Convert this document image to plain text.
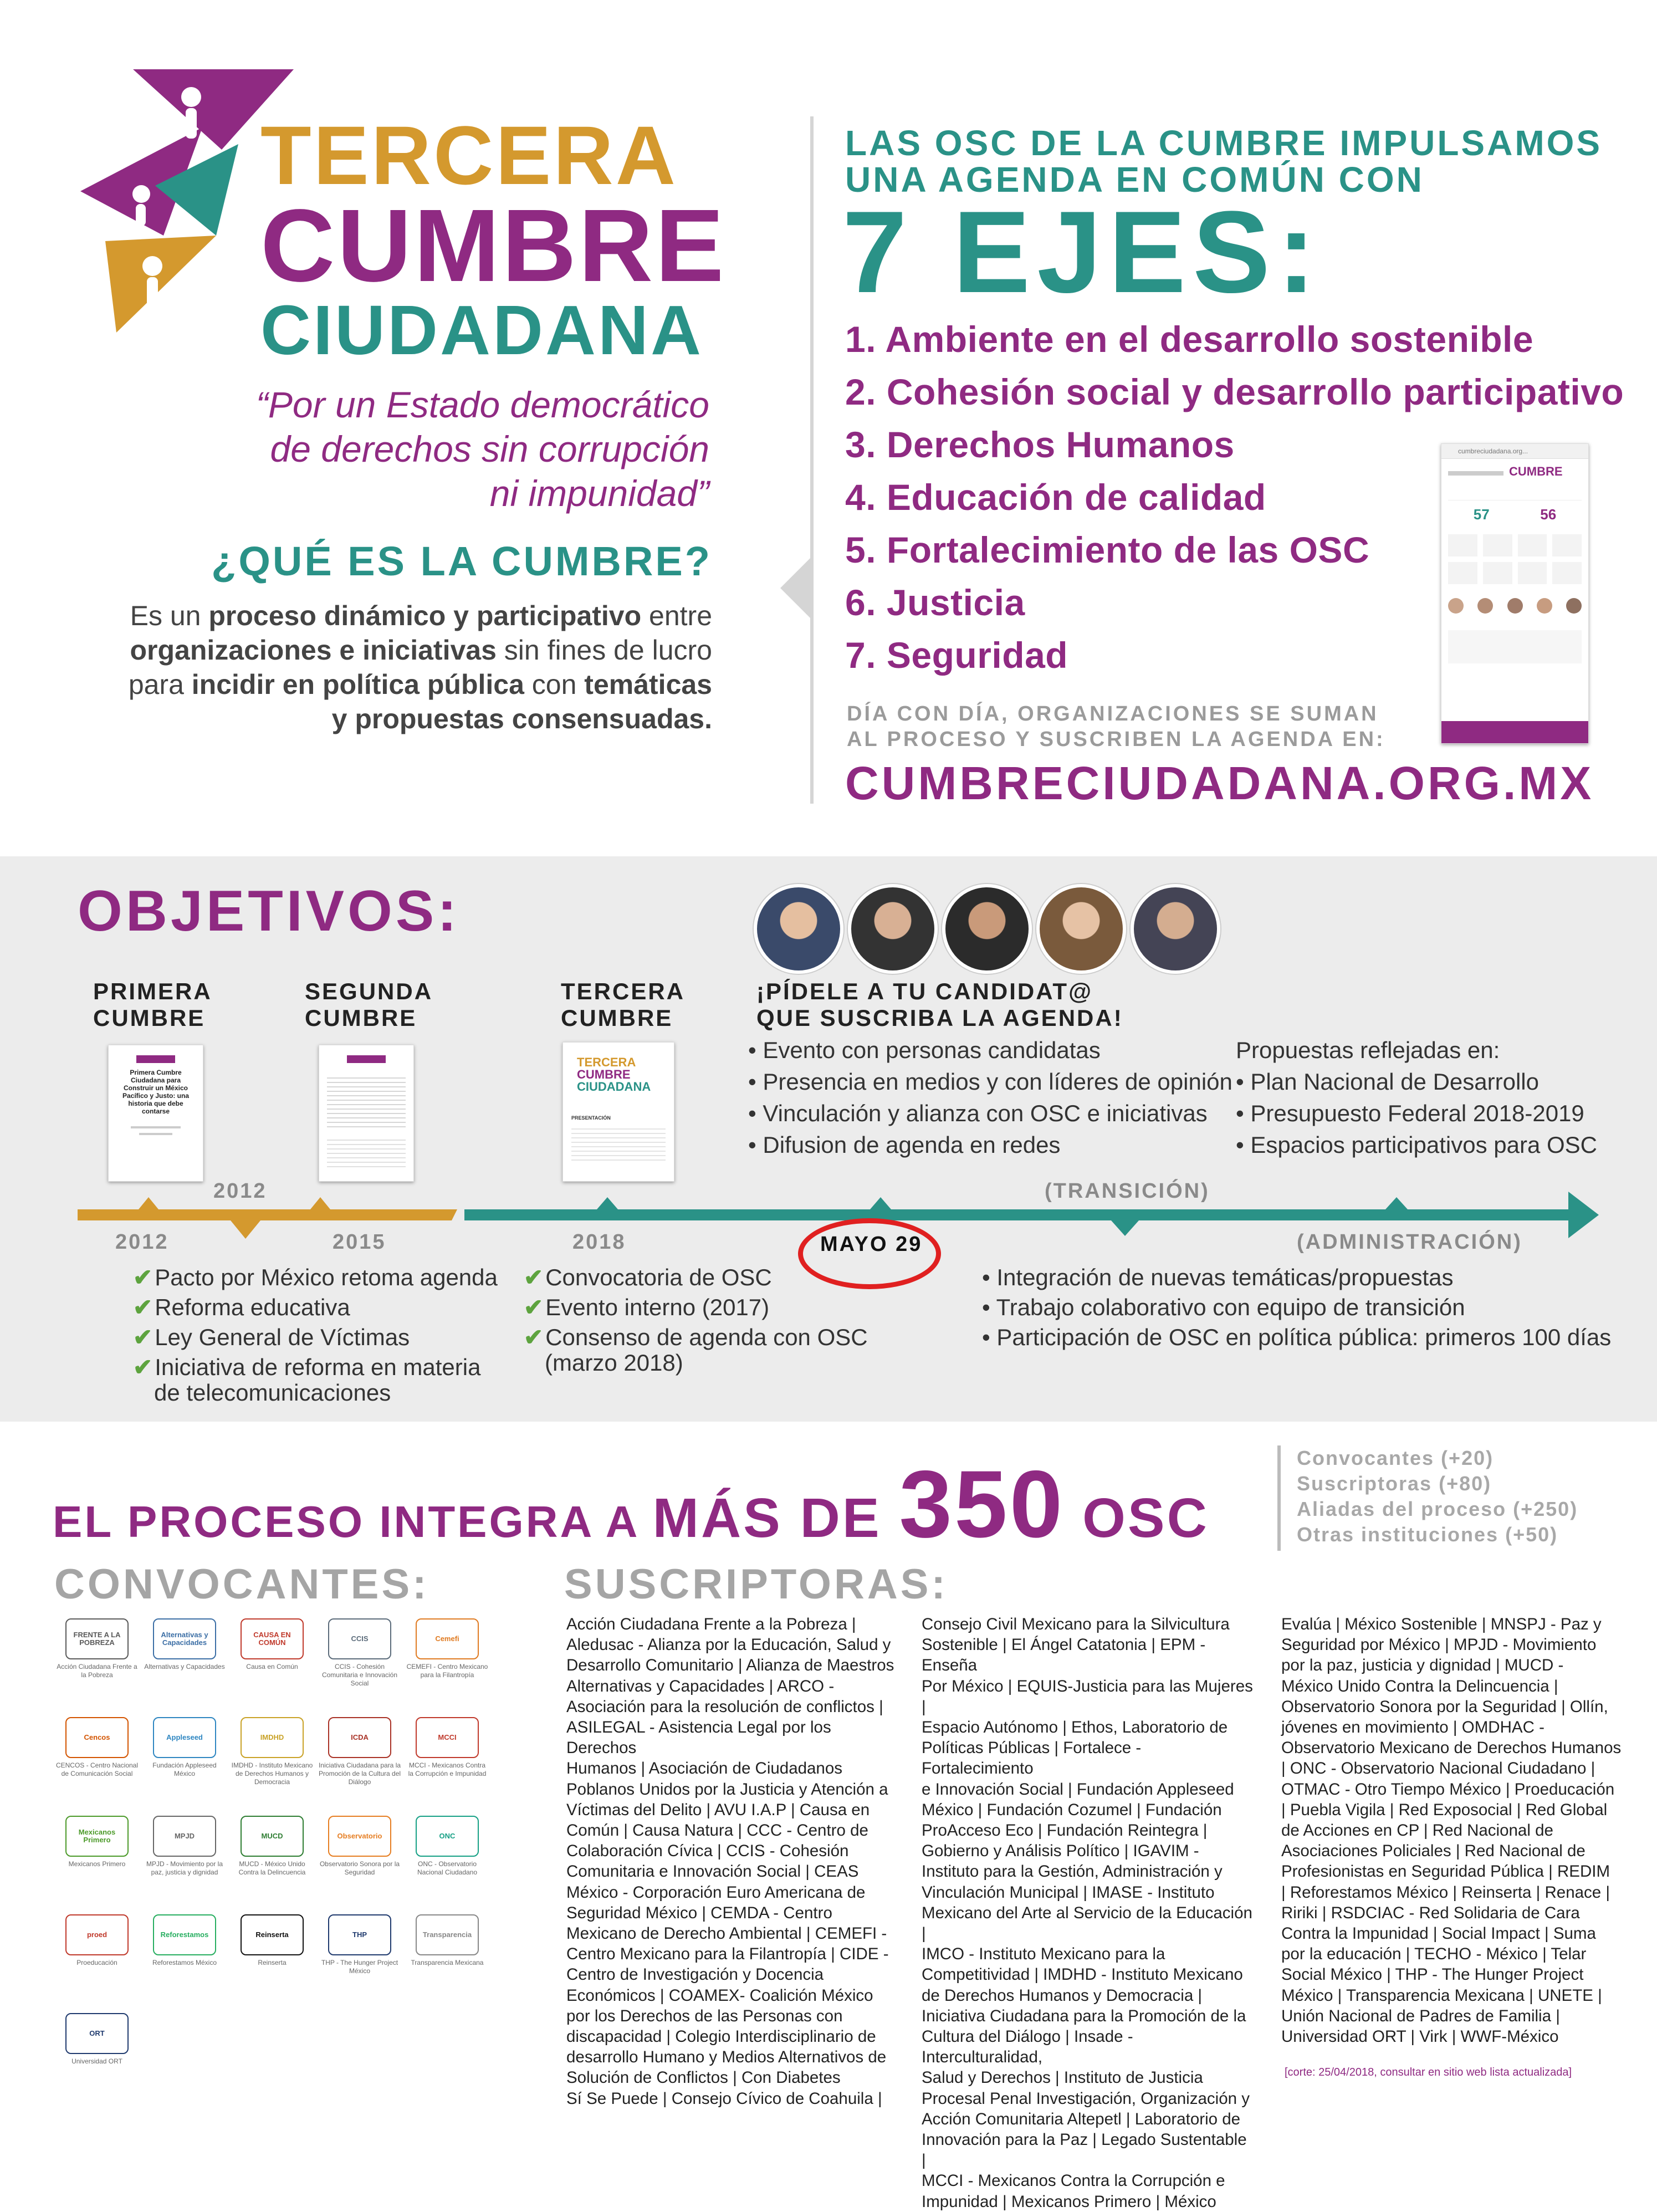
TERCERA
CUMBRE
CIUDADANA
“Por un Estado democrático
de derechos sin corrupción
ni impunidad”
¿QUÉ ES LA CUMBRE?
Es un proceso dinámico y participativo entre
organizaciones e iniciativas sin fines de lucro
para incidir en política pública con temáticas
y propuestas consensuadas.
LAS OSC DE LA CUMBRE IMPULSAMOS
UNA AGENDA EN COMÚN CON
7 EJES:
1. Ambiente en el desarrollo sostenible
2. Cohesión social y desarrollo participativo
3. Derechos Humanos
4. Educación de calidad
5. Fortalecimiento de las OSC
6. Justicia
7. Seguridad
cumbreciudadana.org...
CUMBRE
57	56
DÍA CON DÍA, ORGANIZACIONES SE SUMAN
AL PROCESO Y SUSCRIBEN LA AGENDA EN:
CUMBRECIUDADANA.ORG.MX
OBJETIVOS:
PRIMERA
CUMBRE
SEGUNDA
CUMBRE
TERCERA
CUMBRE
¡PÍDELE A TU CANDIDAT@
QUE SUSCRIBA LA AGENDA!
Primera Cumbre Ciudadana para Construir un México Pacífico y Justo: una historia que debe contarse
TERCERA
CUMBRE
CIUDADANA
PRESENTACIÓN
• Evento con personas candidatas
• Presencia en medios y con líderes de opinión
• Vinculación y alianza con OSC e iniciativas
• Difusion de agenda en redes
Propuestas reflejadas en:
• Plan Nacional de Desarrollo
• Presupuesto Federal 2018-2019
• Espacios participativos para OSC
2012	(TRANSICIÓN)
2012	2015	2018	(ADMINISTRACIÓN)
MAYO 29
✔Pacto por México retoma agenda
✔Reforma educativa
✔Ley General de Víctimas
✔Iniciativa de reforma en materia
de telecomunicaciones
✔Convocatoria de OSC
✔Evento interno (2017)
✔Consenso de agenda con OSC
(marzo 2018)
• Integración de nuevas temáticas/propuestas
• Trabajo colaborativo con equipo de transición
• Participación de OSC en política pública: primeros 100 días
EL PROCESO INTEGRA A MÁS DE 350 OSC
Convocantes (+20)
Suscriptoras (+80)
Aliadas del proceso (+250)
Otras instituciones (+50)
CONVOCANTES:
FRENTE A LA POBREZA
Acción Ciudadana Frente a la Pobreza
Alternativas y Capacidades
Alternativas y Capacidades
CAUSA EN COMÚN
Causa en Común
CCIS
CCIS - Cohesión Comunitaria e Innovación Social
Cemefi
CEMEFI - Centro Mexicano para la Filantropía
Cencos
CENCOS - Centro Nacional de Comunicación Social
Appleseed
Fundación Appleseed México
IMDHD
IMDHD - Instituto Mexicano de Derechos Humanos y Democracia
ICDA
Iniciativa Ciudadana para la Promoción de la Cultura del Diálogo
MCCI
MCCI - Mexicanos Contra la Corrupción e Impunidad
Mexicanos Primero
Mexicanos Primero
MPJD
MPJD - Movimiento por la paz, justicia y dignidad
MUCD
MUCD - México Unido Contra la Delincuencia
Observatorio
Observatorio Sonora por la Seguridad
ONC
ONC - Observatorio Nacional Ciudadano
proed
Proeducación
Reforestamos
Reforestamos México
Reinserta
Reinserta
THP
THP - The Hunger Project México
Transparencia
Transparencia Mexicana
ORT
Universidad ORT
SUSCRIPTORAS:
Acción Ciudadana Frente a la Pobreza |
Aledusac - Alianza por la Educación, Salud y
Desarrollo Comunitario | Alianza de Maestros
Alternativas y Capacidades | ARCO -
Asociación para la resolución de conflictos |
ASILEGAL - Asistencia Legal por los Derechos
Humanos | Asociación de Ciudadanos
Poblanos Unidos por la Justicia y Atención a
Víctimas del Delito | AVU I.A.P | Causa en
Común | Causa Natura | CCC - Centro de
Colaboración Cívica | CCIS - Cohesión
Comunitaria e Innovación Social | CEAS
México - Corporación Euro Americana de
Seguridad México | CEMDA - Centro
Mexicano de Derecho Ambiental | CEMEFI -
Centro Mexicano para la Filantropía | CIDE -
Centro de Investigación y Docencia
Económicos | COAMEX- Coalición México
por los Derechos de las Personas con
discapacidad | Colegio Interdisciplinario de
desarrollo Humano y Medios Alternativos de
Solución de Conflictos | Con Diabetes
Sí Se Puede | Consejo Cívico de Coahuila |
Consejo Civil Mexicano para la Silvicultura
Sostenible | El Ángel Catatonia | EPM - Enseña
Por México | EQUIS-Justicia para las Mujeres |
Espacio Autónomo | Ethos, Laboratorio de
Políticas Públicas | Fortalece - Fortalecimiento
e Innovación Social | Fundación Appleseed
México | Fundación Cozumel | Fundación
ProAcceso Eco | Fundación Reintegra |
Gobierno y Análisis Político | IGAVIM -
Instituto para la Gestión, Administración y
Vinculación Municipal | IMASE - Instituto
Mexicano del Arte al Servicio de la Educación |
IMCO - Instituto Mexicano para la
Competitividad | IMDHD - Instituto Mexicano
de Derechos Humanos y Democracia |
Iniciativa Ciudadana para la Promoción de la
Cultura del Diálogo | Insade - Interculturalidad,
Salud y Derechos | Instituto de Justicia
Procesal Penal Investigación, Organización y
Acción Comunitaria Altepetl | Laboratorio de
Innovación para la Paz | Legado Sustentable |
MCCI - Mexicanos Contra la Corrupción e
Impunidad | Mexicanos Primero | México
Evalúa | México Sostenible | MNSPJ - Paz y
Seguridad por México | MPJD - Movimiento
por la paz, justicia y dignidad | MUCD -
México Unido Contra la Delincuencia |
Observatorio Sonora por la Seguridad | Ollín,
jóvenes en movimiento | OMDHAC -
Observatorio Mexicano de Derechos Humanos
| ONC - Observatorio Nacional Ciudadano |
OTMAC - Otro Tiempo México | Proeducación
| Puebla Vigila | Red Exposocial | Red Global
de Acciones en CP | Red Nacional de
Asociaciones Policiales | Red Nacional de
Profesionistas en Seguridad Pública | REDIM
| Reforestamos México | Reinserta | Renace |
Ririki | RSDCIAC - Red Solidaria de Cara
Contra la Impunidad | Social Impact | Suma
por la educación | TECHO - México | Telar
Social México | THP - The Hunger Project
México | Transparencia Mexicana | UNETE |
Unión Nacional de Padres de Familia |
Universidad ORT | Virk | WWF-México
[corte: 25/04/2018, consultar en sitio web lista actualizada]
